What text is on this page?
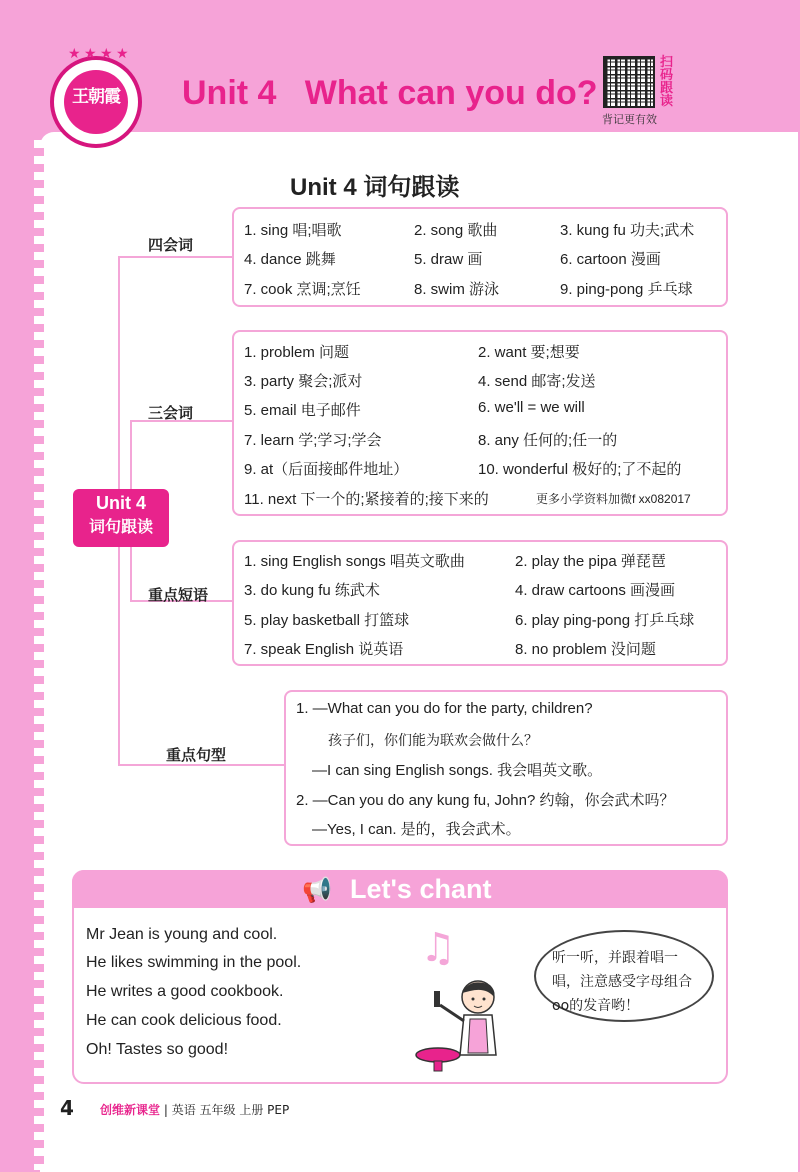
★ ★ ★ ★
王朝霞	Unit 4   What can you do?
扫码跟读
背记更有效
Unit 4 词句跟读
Unit 4
词句跟读
四会词
三会词
重点短语
重点句型
1. sing 唱;唱歌	2. song 歌曲	3. kung fu 功夫;武术
4. dance 跳舞	5. draw 画	6. cartoon 漫画
7. cook 烹调;烹饪	8. swim 游泳	9. ping-pong 乒乓球
1. problem 问题	2. want 要;想要
3. party 聚会;派对	4. send 邮寄;发送
5. email 电子邮件	6. we'll = we will
7. learn 学;学习;学会	8. any 任何的;任一的
9. at（后面接邮件地址）	10. wonderful 极好的;了不起的
11. next 下一个的;紧接着的;接下来的	更多小学资料加微f xx082017
1. sing English songs 唱英文歌曲	2. play the pipa 弹琵琶
3. do kung fu 练武术	4. draw cartoons 画漫画
5. play basketball 打篮球	6. play ping-pong 打乒乓球
7. speak English 说英语	8. no problem 没问题
1. —What can you do for the party, children?
孩子们，你们能为联欢会做什么？
—I can sing English songs. 我会唱英文歌。
2. —Can you do any kung fu, John? 约翰，你会武术吗？
—Yes, I can. 是的，我会武术。
📢 Let's chant
Mr Jean is young and cool.
He likes swimming in the pool.
He writes a good cookbook.
He can cook delicious food.
Oh! Tastes so good!
♫	听一听，并跟着唱一唱，注意感受字母组合oo的发音哟！
4 创维新课堂 | 英语 五年级 上册 PEP
